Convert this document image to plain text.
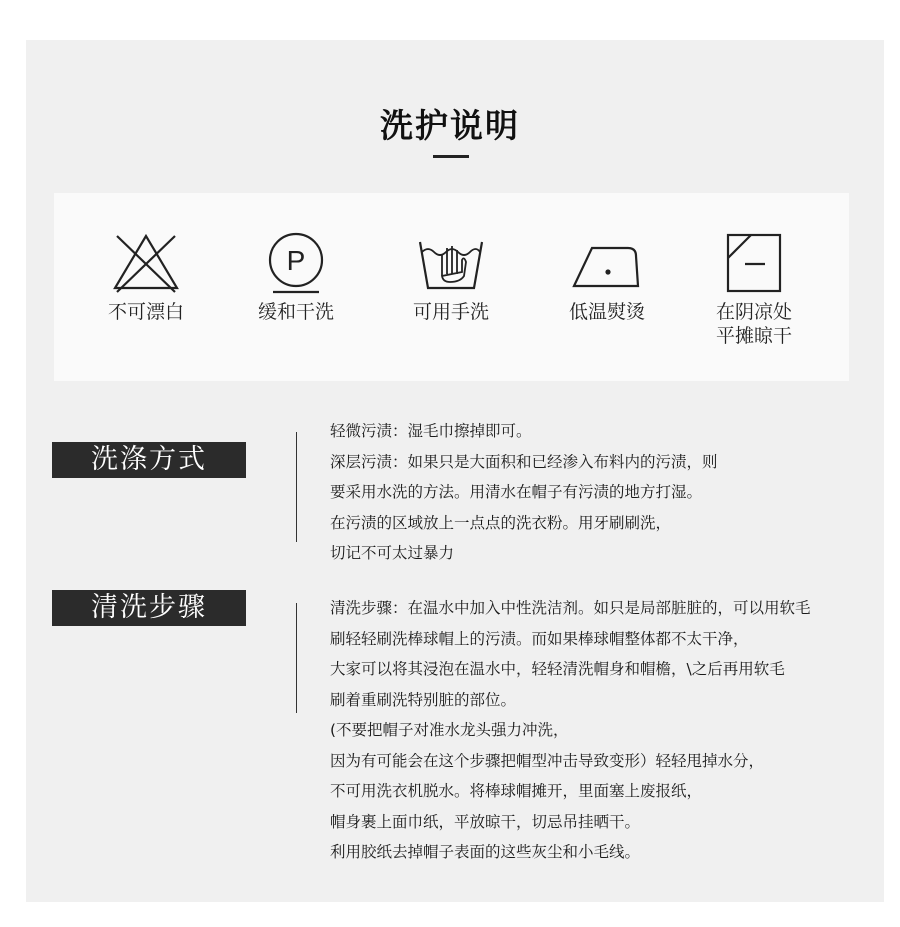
洗护说明
不可漂白
P
缓和干洗	可用手洗	低温熨烫	在阴凉处
平摊晾干
洗涤方式
轻微污渍：湿毛巾擦掉即可。
深层污渍：如果只是大面积和已经渗入布料内的污渍，则
要采用水洗的方法。用清水在帽子有污渍的地方打湿。
在污渍的区域放上一点点的洗衣粉。用牙刷刷洗，
切记不可太过暴力
清洗步骤	清洗步骤：在温水中加入中性洗洁剂。如只是局部脏脏的，可以用软毛
刷轻轻刷洗棒球帽上的污渍。而如果棒球帽整体都不太干净，
大家可以将其浸泡在温水中，轻轻清洗帽身和帽檐，\之后再用软毛
刷着重刷洗特别脏的部位。
(不要把帽子对准水龙头强力冲洗，
因为有可能会在这个步骤把帽型冲击导致变形）轻轻甩掉水分，
不可用洗衣机脱水。将棒球帽摊开，里面塞上废报纸，
帽身裹上面巾纸，平放晾干，切忌吊挂晒干。
利用胶纸去掉帽子表面的这些灰尘和小毛线。
